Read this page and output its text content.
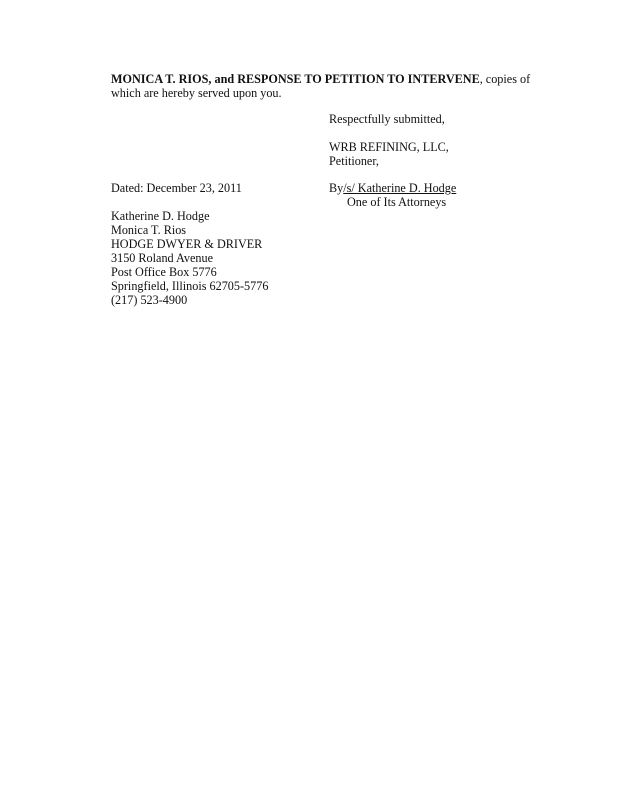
MONICA T. RIOS, and RESPONSE TO PETITION TO INTERVENE, copies of
which are hereby served upon you.
Respectfully submitted,
WRB REFINING, LLC,
Petitioner,
Dated: December 23, 2011	By/s/ Katherine D. Hodge
One of Its Attorneys
Katherine D. Hodge
Monica T. Rios
HODGE DWYER & DRIVER
3150 Roland Avenue
Post Office Box 5776
Springfield, Illinois 62705-5776
(217) 523-4900
